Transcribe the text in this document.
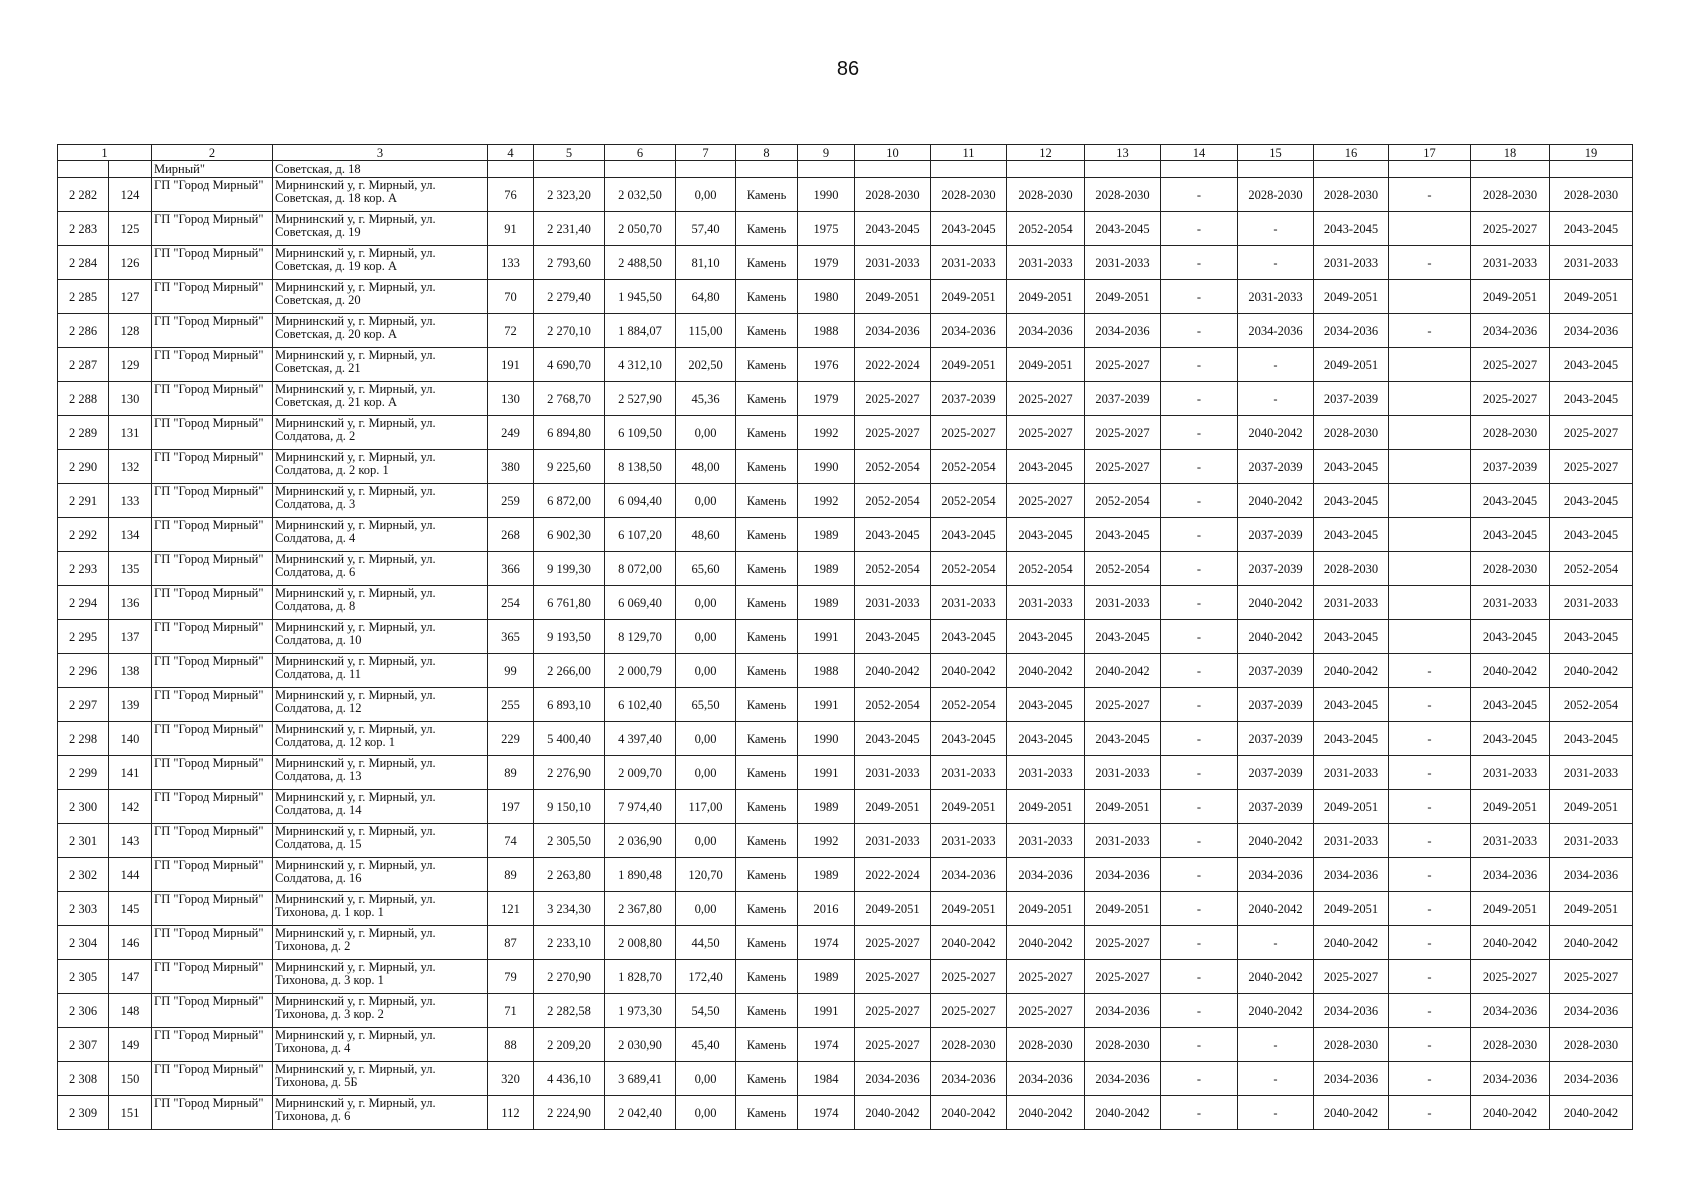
86
1		2	3	4	5	6	7	8	9	10	11	12	13	14	15	16	17	18	19
		Мирный"	Советская, д. 18																
2 282	124	ГП "Город Мирный"	Мирнинский у, г. Мирный, ул. Советская, д. 18 кор. А	76	2 323,20	2 032,50	0,00	Камень	1990	2028-2030	2028-2030	2028-2030	2028-2030	-	2028-2030	2028-2030	-	2028-2030	2028-2030
2 283	125	ГП "Город Мирный"	Мирнинский у, г. Мирный, ул. Советская, д. 19	91	2 231,40	2 050,70	57,40	Камень	1975	2043-2045	2043-2045	2052-2054	2043-2045	-	-	2043-2045		2025-2027	2043-2045
2 284	126	ГП "Город Мирный"	Мирнинский у, г. Мирный, ул. Советская, д. 19 кор. А	133	2 793,60	2 488,50	81,10	Камень	1979	2031-2033	2031-2033	2031-2033	2031-2033	-	-	2031-2033	-	2031-2033	2031-2033
2 285	127	ГП "Город Мирный"	Мирнинский у, г. Мирный, ул. Советская, д. 20	70	2 279,40	1 945,50	64,80	Камень	1980	2049-2051	2049-2051	2049-2051	2049-2051	-	2031-2033	2049-2051		2049-2051	2049-2051
2 286	128	ГП "Город Мирный"	Мирнинский у, г. Мирный, ул. Советская, д. 20 кор. А	72	2 270,10	1 884,07	115,00	Камень	1988	2034-2036	2034-2036	2034-2036	2034-2036	-	2034-2036	2034-2036	-	2034-2036	2034-2036
2 287	129	ГП "Город Мирный"	Мирнинский у, г. Мирный, ул. Советская, д. 21	191	4 690,70	4 312,10	202,50	Камень	1976	2022-2024	2049-2051	2049-2051	2025-2027	-	-	2049-2051		2025-2027	2043-2045
2 288	130	ГП "Город Мирный"	Мирнинский у, г. Мирный, ул. Советская, д. 21 кор. А	130	2 768,70	2 527,90	45,36	Камень	1979	2025-2027	2037-2039	2025-2027	2037-2039	-	-	2037-2039		2025-2027	2043-2045
2 289	131	ГП "Город Мирный"	Мирнинский у, г. Мирный, ул. Солдатова, д. 2	249	6 894,80	6 109,50	0,00	Камень	1992	2025-2027	2025-2027	2025-2027	2025-2027	-	2040-2042	2028-2030		2028-2030	2025-2027
2 290	132	ГП "Город Мирный"	Мирнинский у, г. Мирный, ул. Солдатова, д. 2 кор. 1	380	9 225,60	8 138,50	48,00	Камень	1990	2052-2054	2052-2054	2043-2045	2025-2027	-	2037-2039	2043-2045		2037-2039	2025-2027
2 291	133	ГП "Город Мирный"	Мирнинский у, г. Мирный, ул. Солдатова, д. 3	259	6 872,00	6 094,40	0,00	Камень	1992	2052-2054	2052-2054	2025-2027	2052-2054	-	2040-2042	2043-2045		2043-2045	2043-2045
2 292	134	ГП "Город Мирный"	Мирнинский у, г. Мирный, ул. Солдатова, д. 4	268	6 902,30	6 107,20	48,60	Камень	1989	2043-2045	2043-2045	2043-2045	2043-2045	-	2037-2039	2043-2045		2043-2045	2043-2045
2 293	135	ГП "Город Мирный"	Мирнинский у, г. Мирный, ул. Солдатова, д. 6	366	9 199,30	8 072,00	65,60	Камень	1989	2052-2054	2052-2054	2052-2054	2052-2054	-	2037-2039	2028-2030		2028-2030	2052-2054
2 294	136	ГП "Город Мирный"	Мирнинский у, г. Мирный, ул. Солдатова, д. 8	254	6 761,80	6 069,40	0,00	Камень	1989	2031-2033	2031-2033	2031-2033	2031-2033	-	2040-2042	2031-2033		2031-2033	2031-2033
2 295	137	ГП "Город Мирный"	Мирнинский у, г. Мирный, ул. Солдатова, д. 10	365	9 193,50	8 129,70	0,00	Камень	1991	2043-2045	2043-2045	2043-2045	2043-2045	-	2040-2042	2043-2045		2043-2045	2043-2045
2 296	138	ГП "Город Мирный"	Мирнинский у, г. Мирный, ул. Солдатова, д. 11	99	2 266,00	2 000,79	0,00	Камень	1988	2040-2042	2040-2042	2040-2042	2040-2042	-	2037-2039	2040-2042	-	2040-2042	2040-2042
2 297	139	ГП "Город Мирный"	Мирнинский у, г. Мирный, ул. Солдатова, д. 12	255	6 893,10	6 102,40	65,50	Камень	1991	2052-2054	2052-2054	2043-2045	2025-2027	-	2037-2039	2043-2045	-	2043-2045	2052-2054
2 298	140	ГП "Город Мирный"	Мирнинский у, г. Мирный, ул. Солдатова, д. 12 кор. 1	229	5 400,40	4 397,40	0,00	Камень	1990	2043-2045	2043-2045	2043-2045	2043-2045	-	2037-2039	2043-2045	-	2043-2045	2043-2045
2 299	141	ГП "Город Мирный"	Мирнинский у, г. Мирный, ул. Солдатова, д. 13	89	2 276,90	2 009,70	0,00	Камень	1991	2031-2033	2031-2033	2031-2033	2031-2033	-	2037-2039	2031-2033	-	2031-2033	2031-2033
2 300	142	ГП "Город Мирный"	Мирнинский у, г. Мирный, ул. Солдатова, д. 14	197	9 150,10	7 974,40	117,00	Камень	1989	2049-2051	2049-2051	2049-2051	2049-2051	-	2037-2039	2049-2051	-	2049-2051	2049-2051
2 301	143	ГП "Город Мирный"	Мирнинский у, г. Мирный, ул. Солдатова, д. 15	74	2 305,50	2 036,90	0,00	Камень	1992	2031-2033	2031-2033	2031-2033	2031-2033	-	2040-2042	2031-2033	-	2031-2033	2031-2033
2 302	144	ГП "Город Мирный"	Мирнинский у, г. Мирный, ул. Солдатова, д. 16	89	2 263,80	1 890,48	120,70	Камень	1989	2022-2024	2034-2036	2034-2036	2034-2036	-	2034-2036	2034-2036	-	2034-2036	2034-2036
2 303	145	ГП "Город Мирный"	Мирнинский у, г. Мирный, ул. Тихонова, д. 1 кор. 1	121	3 234,30	2 367,80	0,00	Камень	2016	2049-2051	2049-2051	2049-2051	2049-2051	-	2040-2042	2049-2051	-	2049-2051	2049-2051
2 304	146	ГП "Город Мирный"	Мирнинский у, г. Мирный, ул. Тихонова, д. 2	87	2 233,10	2 008,80	44,50	Камень	1974	2025-2027	2040-2042	2040-2042	2025-2027	-	-	2040-2042	-	2040-2042	2040-2042
2 305	147	ГП "Город Мирный"	Мирнинский у, г. Мирный, ул. Тихонова, д. 3 кор. 1	79	2 270,90	1 828,70	172,40	Камень	1989	2025-2027	2025-2027	2025-2027	2025-2027	-	2040-2042	2025-2027	-	2025-2027	2025-2027
2 306	148	ГП "Город Мирный"	Мирнинский у, г. Мирный, ул. Тихонова, д. 3 кор. 2	71	2 282,58	1 973,30	54,50	Камень	1991	2025-2027	2025-2027	2025-2027	2034-2036	-	2040-2042	2034-2036	-	2034-2036	2034-2036
2 307	149	ГП "Город Мирный"	Мирнинский у, г. Мирный, ул. Тихонова, д. 4	88	2 209,20	2 030,90	45,40	Камень	1974	2025-2027	2028-2030	2028-2030	2028-2030	-	-	2028-2030	-	2028-2030	2028-2030
2 308	150	ГП "Город Мирный"	Мирнинский у, г. Мирный, ул. Тихонова, д. 5Б	320	4 436,10	3 689,41	0,00	Камень	1984	2034-2036	2034-2036	2034-2036	2034-2036	-	-	2034-2036	-	2034-2036	2034-2036
2 309	151	ГП "Город Мирный"	Мирнинский у, г. Мирный, ул. Тихонова, д. 6	112	2 224,90	2 042,40	0,00	Камень	1974	2040-2042	2040-2042	2040-2042	2040-2042	-	-	2040-2042	-	2040-2042	2040-2042
